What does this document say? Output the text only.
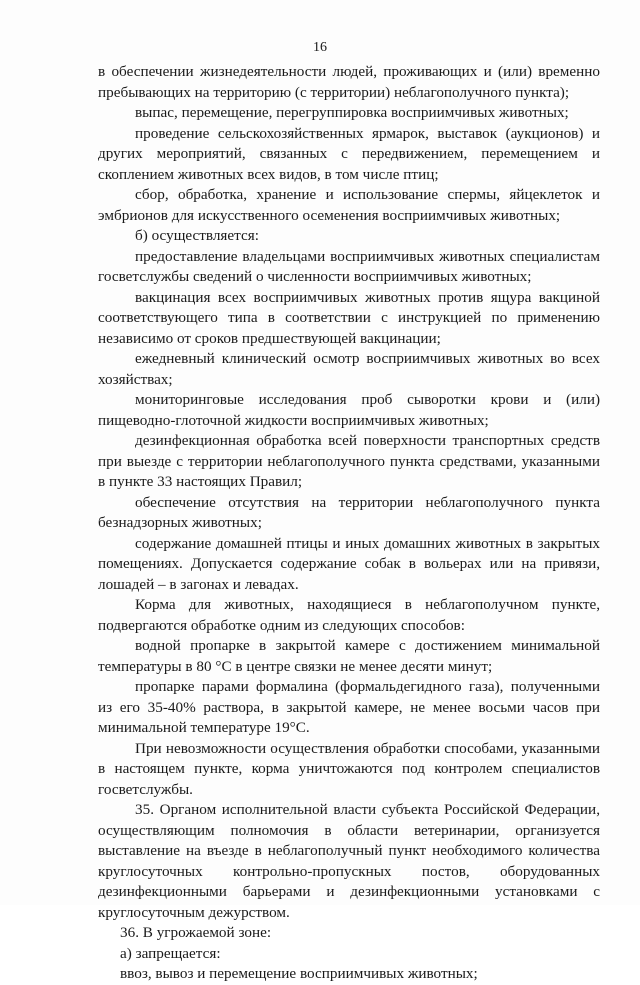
16

в обеспечении жизнедеятельности людей, проживающих и (или) временно пребывающих на территорию (с территории) неблагополучного пункта);

выпас, перемещение, перегруппировка восприимчивых животных;

проведение сельскохозяйственных ярмарок, выставок (аукционов) и других мероприятий, связанных с передвижением, перемещением и скоплением животных всех видов, в том числе птиц;

сбор, обработка, хранение и использование спермы, яйцеклеток и эмбрионов для искусственного осеменения восприимчивых животных;

б) осуществляется:

предоставление владельцами восприимчивых животных специалистам госветслужбы сведений о численности восприимчивых животных;

вакцинация всех восприимчивых животных против ящура вакциной соответствующего типа в соответствии с инструкцией по применению независимо от сроков предшествующей вакцинации;

ежедневный клинический осмотр восприимчивых животных во всех хозяйствах;

мониторинговые исследования проб сыворотки крови и (или) пищеводно-глоточной жидкости восприимчивых животных;

дезинфекционная обработка всей поверхности транспортных средств при выезде с территории неблагополучного пункта средствами, указанными в пункте 33 настоящих Правил;

обеспечение отсутствия на территории неблагополучного пункта безнадзорных животных;

содержание домашней птицы и иных домашних животных в закрытых помещениях. Допускается содержание собак в вольерах или на привязи, лошадей – в загонах и левадах.

Корма для животных, находящиеся в неблагополучном пункте, подвергаются обработке одним из следующих способов:

водной пропарке в закрытой камере с достижением минимальной температуры в 80 °С в центре связки не менее десяти минут;

пропарке парами формалина (формальдегидного газа), полученными из его 35-40% раствора, в закрытой камере, не менее восьми часов при минимальной температуре 19°С.

При невозможности осуществления обработки способами, указанными в настоящем пункте, корма уничтожаются под контролем специалистов госветслужбы.

35. Органом исполнительной власти субъекта Российской Федерации, осуществляющим полномочия в области ветеринарии, организуется выставление на въезде в неблагополучный пункт необходимого количества круглосуточных контрольно-пропускных постов, оборудованных дезинфекционными барьерами и дезинфекционными установками с круглосуточным дежурством.

36. В угрожаемой зоне:

а) запрещается:

ввоз, вывоз и перемещение восприимчивых животных;
